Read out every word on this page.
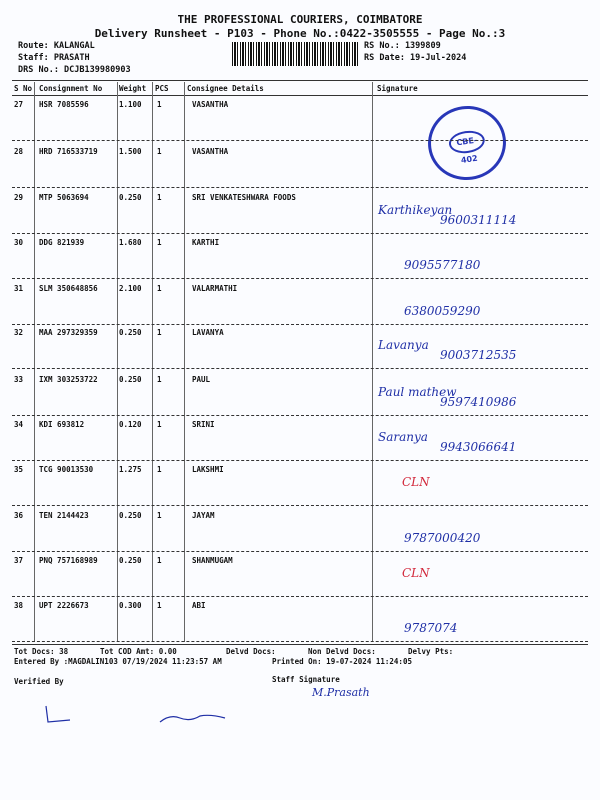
THE PROFESSIONAL COURIERS, COIMBATORE
Delivery Runsheet - P103 - Phone No.:0422-3505555 - Page No.:3
Route: KALANGAL
Staff: PRASATH
DRS No.: DCJB139980903
RS No.: 1399809
RS Date: 19-Jul-2024
S No Consignment No Weight PCS Consignee Details	Signature
27 HSR 7085596	1.100 1	VASANTHA
28 HRD 716533719	1.500 1	VASANTHA
29 MTP 5063694	0.250 1	SRI VENKATESHWARA FOODS
30 DDG 821939	1.680 1	KARTHI
31 SLM 350648856	2.100 1	VALARMATHI
32 MAA 297329359	0.250 1	LAVANYA
33 IXM 303253722	0.250 1	PAUL
34 KDI 693812	0.120 1	SRINI
35 TCG 90013530	1.275 1	LAKSHMI
36 TEN 2144423	0.250 1	JAYAM
37 PNQ 757168989	0.250 1	SHANMUGAM
38 UPT 2226673	0.300 1	ABI
CBE-402
Tot Docs: 38	Tot COD Amt: 0.00	Delvd Docs:	Non Delvd Docs:	Delvy Pts:
Entered By :MAGDALIN103 07/19/2024 11:23:57 AM	Printed On: 19-07-2024 11:24:05
Verified By	Staff Signature
M.Prasath
Karthikeyan
9600311114
9095577180
6380059290
Lavanya
9003712535
Paul mathew
9597410986
Saranya
9943066641
CLN
9787000420
CLN
9787074
